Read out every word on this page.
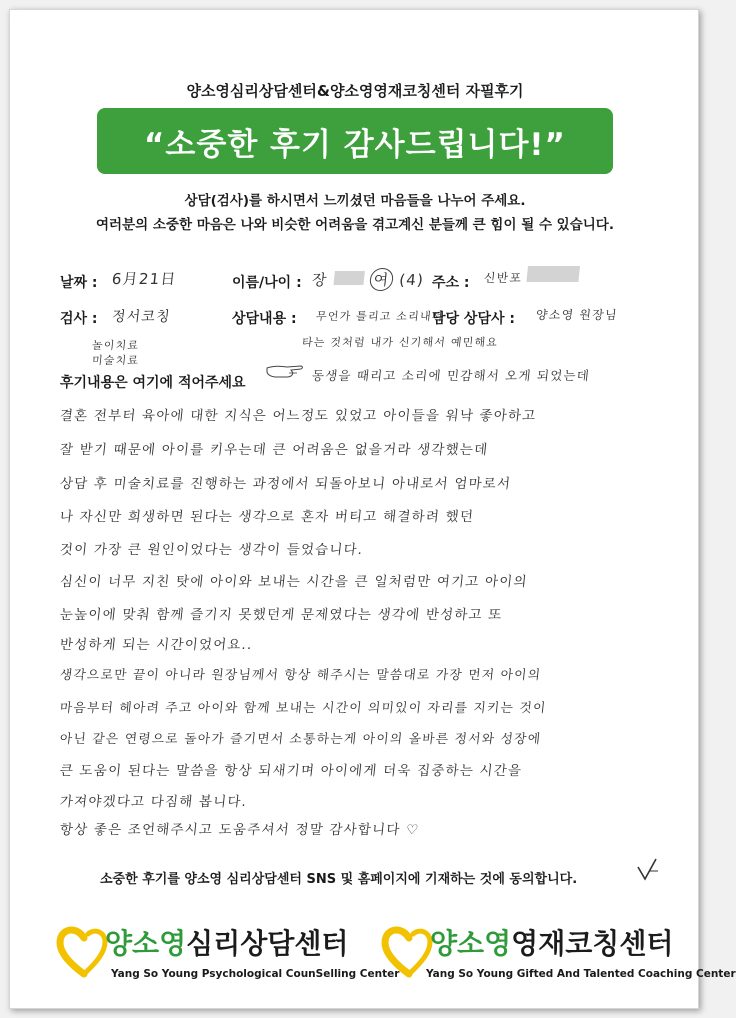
양소영심리상담센터&양소영영재코칭센터 자필후기
“소중한 후기 감사드립니다!”
상담(검사)를 하시면서 느끼셨던 마음들을 나누어 주세요.
여러분의 소중한 마음은 나와 비슷한 어려움을 겪고계신 분들께 큰 힘이 될 수 있습니다.
날짜 : 6月21日	이름/나이 : 장	여 (4) 주소 : 신반포
검사 : 정서코칭
놀이치료
미술치료
상담내용 : 무언가 틀리고 소리내서
타는 것처럼 내가 신기해서 예민해요
담당 상담사 : 양소영 원장님
후기내용은 여기에 적어주세요	동생을 때리고 소리에 민감해서 오게 되었는데
결혼 전부터 육아에 대한 지식은 어느정도 있었고 아이들을 워낙 좋아하고
잘 받기 때문에 아이를 키우는데 큰 어려움은 없을거라 생각했는데
상담 후 미술치료를 진행하는 과정에서 되돌아보니 아내로서 엄마로서
나 자신만 희생하면 된다는 생각으로 혼자 버티고 해결하려 했던
것이 가장 큰 원인이었다는 생각이 들었습니다.
심신이 너무 지친 탓에 아이와 보내는 시간을 큰 일처럼만 여기고 아이의
눈높이에 맞춰 함께 즐기지 못했던게 문제였다는 생각에 반성하고 또
반성하게 되는 시간이었어요..
생각으로만 끝이 아니라 원장님께서 항상 해주시는 말씀대로 가장 먼저 아이의
마음부터 헤아려 주고 아이와 함께 보내는 시간이 의미있이 자리를 지키는 것이
아닌 같은 연령으로 돌아가 즐기면서 소통하는게 아이의 올바른 정서와 성장에
큰 도움이 된다는 말씀을 항상 되새기며 아이에게 더욱 집중하는 시간을
가져야겠다고 다짐해 봅니다.
항상 좋은 조언해주시고 도움주셔서 정말 감사합니다 ♡
소중한 후기를 양소영 심리상담센터 SNS 및 홈페이지에 기재하는 것에 동의합니다.
양소영심리상담센터
Yang So Young Psychological CounSelling Center
양소영영재코칭센터
Yang So Young Gifted And Talented Coaching Center
